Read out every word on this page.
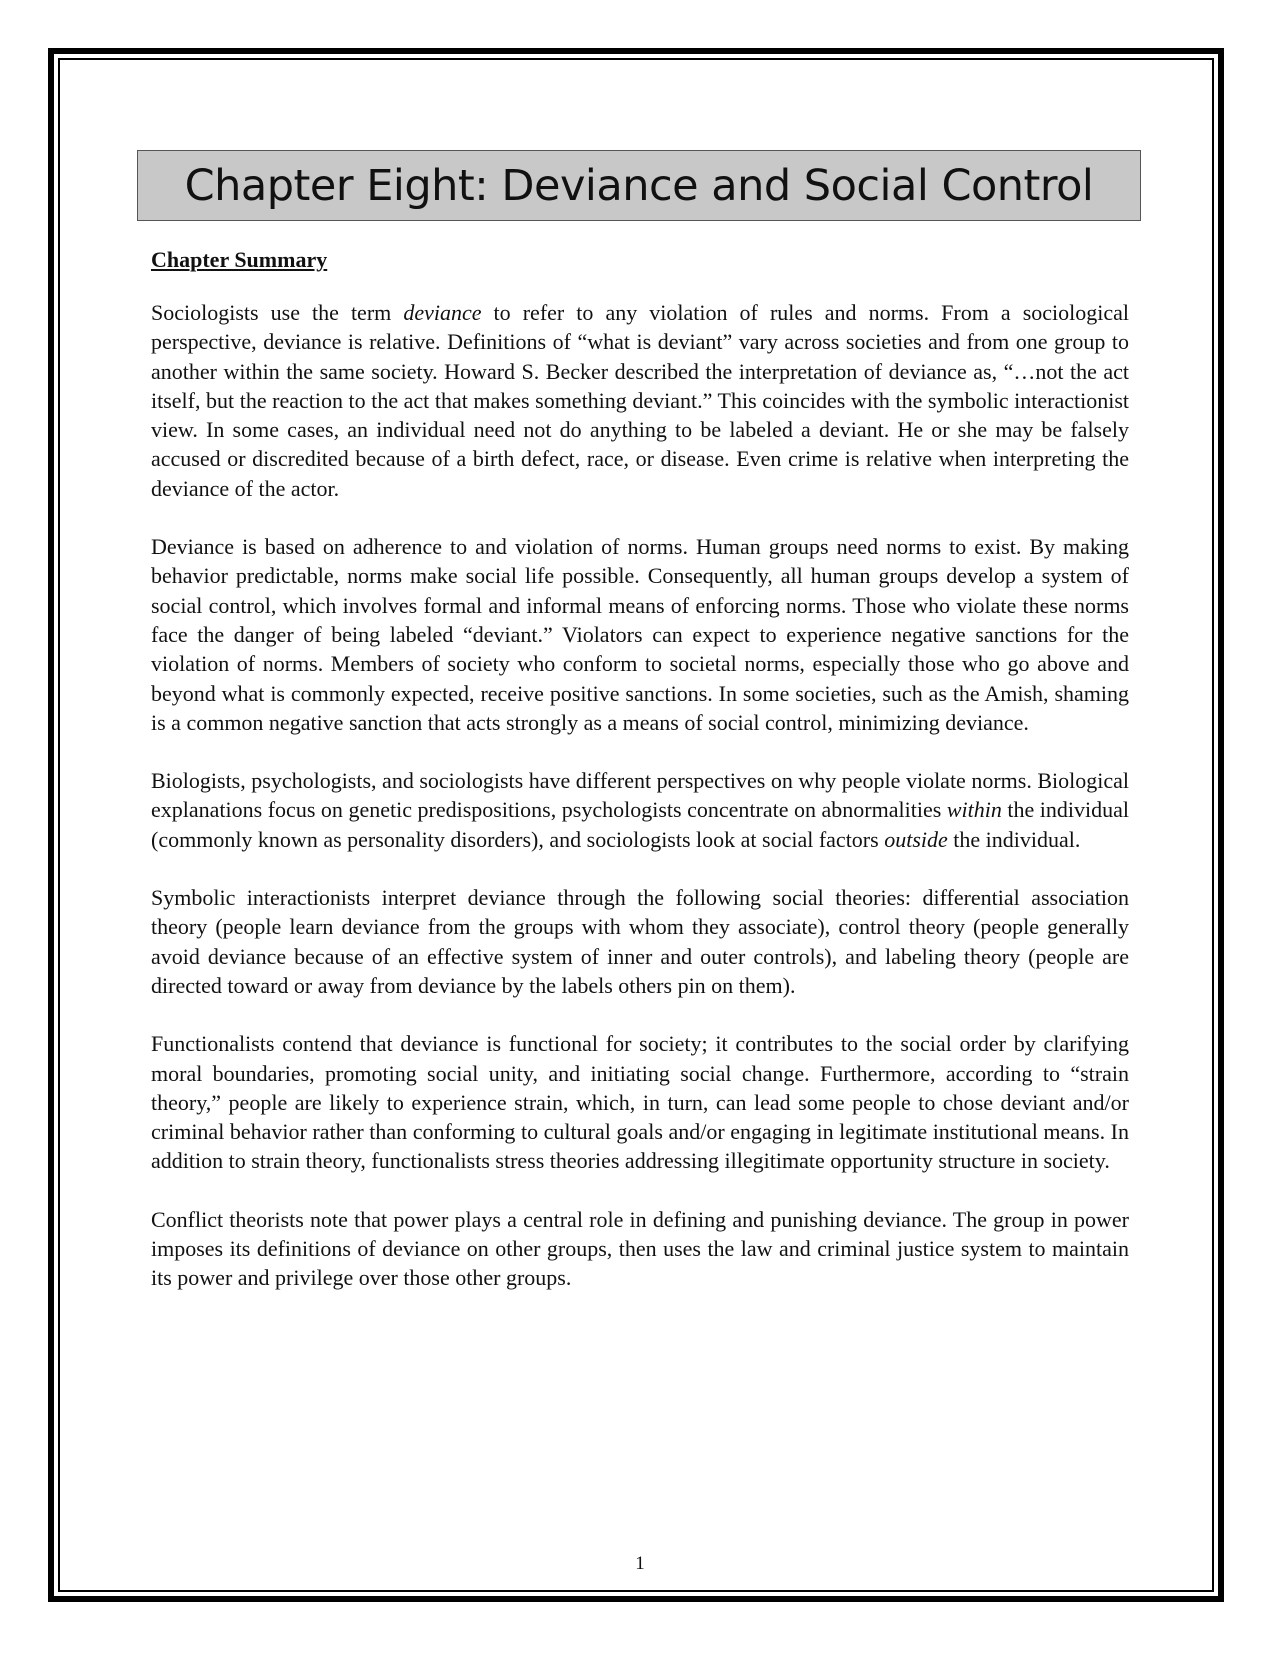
Chapter Eight: Deviance and Social Control
Chapter Summary

Sociologists use the term deviance to refer to any violation of rules and norms. From a sociological perspective, deviance is relative. Definitions of “what is deviant” vary across societies and from one group to another within the same society. Howard S. Becker described the interpretation of deviance as, “…not the act itself, but the reaction to the act that makes something deviant.” This coincides with the symbolic interactionist view. In some cases, an individual need not do anything to be labeled a deviant. He or she may be falsely accused or discredited because of a birth defect, race, or disease. Even crime is relative when interpreting the deviance of the actor.

Deviance is based on adherence to and violation of norms. Human groups need norms to exist. By making behavior predictable, norms make social life possible. Consequently, all human groups develop a system of social control, which involves formal and informal means of enforcing norms. Those who violate these norms face the danger of being labeled “deviant.” Violators can expect to experience negative sanctions for the violation of norms. Members of society who conform to societal norms, especially those who go above and beyond what is commonly expected, receive positive sanctions. In some societies, such as the Amish, shaming is a common negative sanction that acts strongly as a means of social control, minimizing deviance.

Biologists, psychologists, and sociologists have different perspectives on why people violate norms. Biological explanations focus on genetic predispositions, psychologists concentrate on abnormalities within the individual (commonly known as personality disorders), and sociologists look at social factors outside the individual.

Symbolic interactionists interpret deviance through the following social theories: differential association theory (people learn deviance from the groups with whom they associate), control theory (people generally avoid deviance because of an effective system of inner and outer controls), and labeling theory (people are directed toward or away from deviance by the labels others pin on them).

Functionalists contend that deviance is functional for society; it contributes to the social order by clarifying moral boundaries, promoting social unity, and initiating social change. Furthermore, according to “strain theory,” people are likely to experience strain, which, in turn, can lead some people to chose deviant and/or criminal behavior rather than conforming to cultural goals and/or engaging in legitimate institutional means. In addition to strain theory, functionalists stress theories addressing illegitimate opportunity structure in society.

Conflict theorists note that power plays a central role in defining and punishing deviance. The group in power imposes its definitions of deviance on other groups, then uses the law and criminal justice system to maintain its power and privilege over those other groups.

1
